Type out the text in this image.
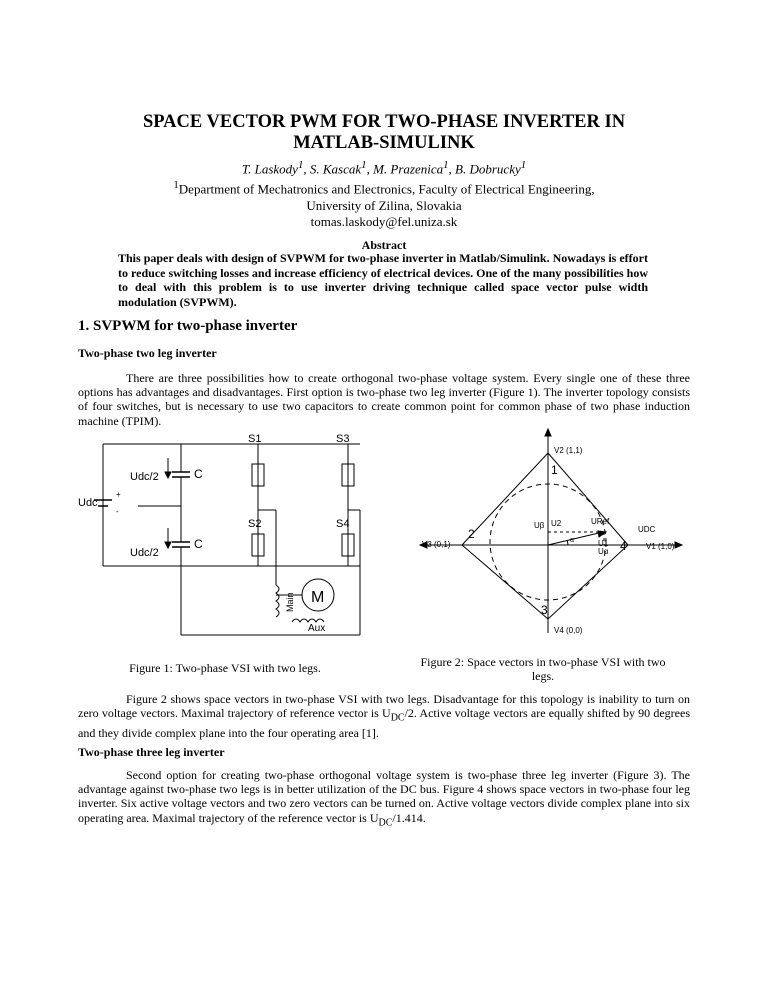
SPACE VECTOR PWM FOR TWO-PHASE INVERTER IN
MATLAB-SIMULINK
T. Laskody$^1$, S. Kascak$^1$, M. Prazenica$^1$, B. Dobrucky$^1$
$^1$Department of Mechatronics and Electronics, Faculty of Electrical Engineering,
University of Zilina, Slovakia
tomas.laskody@fel.uniza.sk
Abstract
This paper deals with design of SVPWM for two-phase inverter in Matlab/Simulink. Nowadays is effort to reduce switching losses and increase efficiency of electrical devices. One of the many possibilities how to deal with this problem is to use inverter driving technique called space vector pulse width modulation (SVPWM).
1. SVPWM for two-phase inverter
Two-phase two leg inverter

There are three possibilities how to create orthogonal two-phase voltage system. Every single one of these three options has advantages and disadvantages. First option is two-phase two leg inverter (Figure 1). The inverter topology consists of four switches, but is necessary to use two capacitors to create common point for common phase of two phase induction machine (TPIM).

S1	S3
S2	S4
C
C
Udc/2
Udc/2
Udc
+
-
Main M
Aux
V2 (1,1)
V3 (0,1)	V1 (1,0)
V4 (0,0)
1
2
3
4
Uβ U2	URef
UDC
U1
Uα
α
Figure 1: Two-phase VSI with two legs.	Figure 2: Space vectors in two-phase VSI with two legs.

Figure 2 shows space vectors in two-phase VSI with two legs. Disadvantage for this topology is inability to turn on zero voltage vectors. Maximal trajectory of reference vector is $U_{DC}/2$. Active voltage vectors are equally shifted by 90 degrees and they divide complex plane into the four operating area [1].

Two-phase three leg inverter

Second option for creating two-phase orthogonal voltage system is two-phase three leg inverter (Figure 3). The advantage against two-phase two legs is in better utilization of the DC bus. Figure 4 shows space vectors in two-phase four leg inverter. Six active voltage vectors and two zero vectors can be turned on. Active voltage vectors divide complex plane into six operating area. Maximal trajectory of the reference vector is $U_{DC}/1.414$.
